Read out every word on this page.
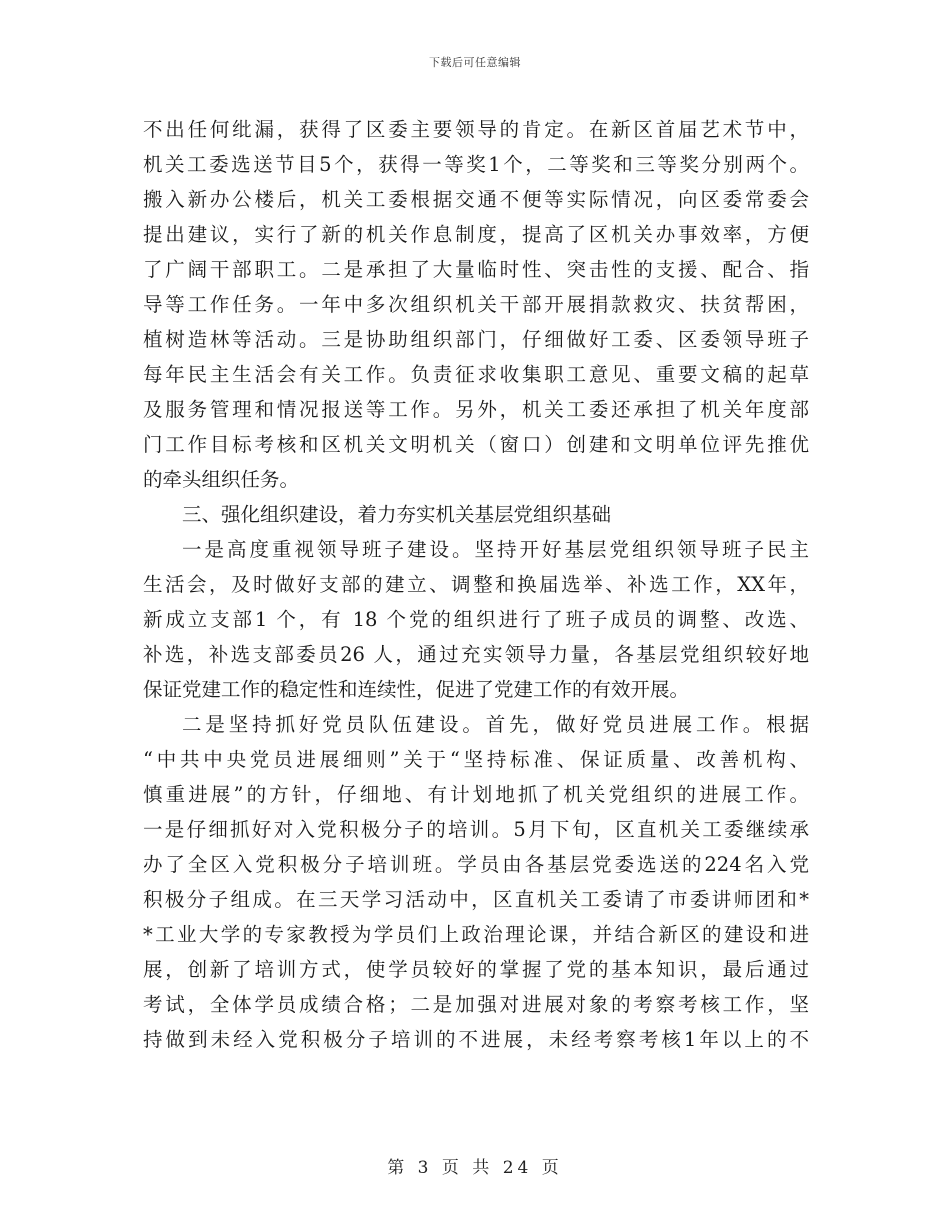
下载后可任意编辑
不出任何纰漏，获得了区委主要领导的肯定。在新区首届艺术节中，
机关工委选送节目5个，获得一等奖1个，二等奖和三等奖分别两个。
搬入新办公楼后，机关工委根据交通不便等实际情况，向区委常委会
提出建议，实行了新的机关作息制度，提高了区机关办事效率，方便
了广阔干部职工。二是承担了大量临时性、突击性的支援、配合、指
导等工作任务。一年中多次组织机关干部开展捐款救灾、扶贫帮困，
植树造林等活动。三是协助组织部门，仔细做好工委、区委领导班子
每年民主生活会有关工作。负责征求收集职工意见、重要文稿的起草
及服务管理和情况报送等工作。另外，机关工委还承担了机关年度部
门工作目标考核和区机关文明机关（窗口）创建和文明单位评先推优
的牵头组织任务。
三、强化组织建设，着力夯实机关基层党组织基础
一是高度重视领导班子建设。坚持开好基层党组织领导班子民主
生活会，及时做好支部的建立、调整和换届选举、补选工作，XX年，
新成立支部1 个，有 18 个党的组织进行了班子成员的调整、改选、
补选，补选支部委员26 人，通过充实领导力量，各基层党组织较好地
保证党建工作的稳定性和连续性，促进了党建工作的有效开展。
二是坚持抓好党员队伍建设。首先，做好党员进展工作。根据
“中共中央党员进展细则”关于“坚持标准、保证质量、改善机构、
慎重进展”的方针，仔细地、有计划地抓了机关党组织的进展工作。
一是仔细抓好对入党积极分子的培训。5月下旬，区直机关工委继续承
办了全区入党积极分子培训班。学员由各基层党委选送的224名入党
积极分子组成。在三天学习活动中，区直机关工委请了市委讲师团和*
*工业大学的专家教授为学员们上政治理论课，并结合新区的建设和进
展，创新了培训方式，使学员较好的掌握了党的基本知识，最后通过
考试，全体学员成绩合格；二是加强对进展对象的考察考核工作，坚
持做到未经入党积极分子培训的不进展，未经考察考核1年以上的不
第 3 页 共 24 页
